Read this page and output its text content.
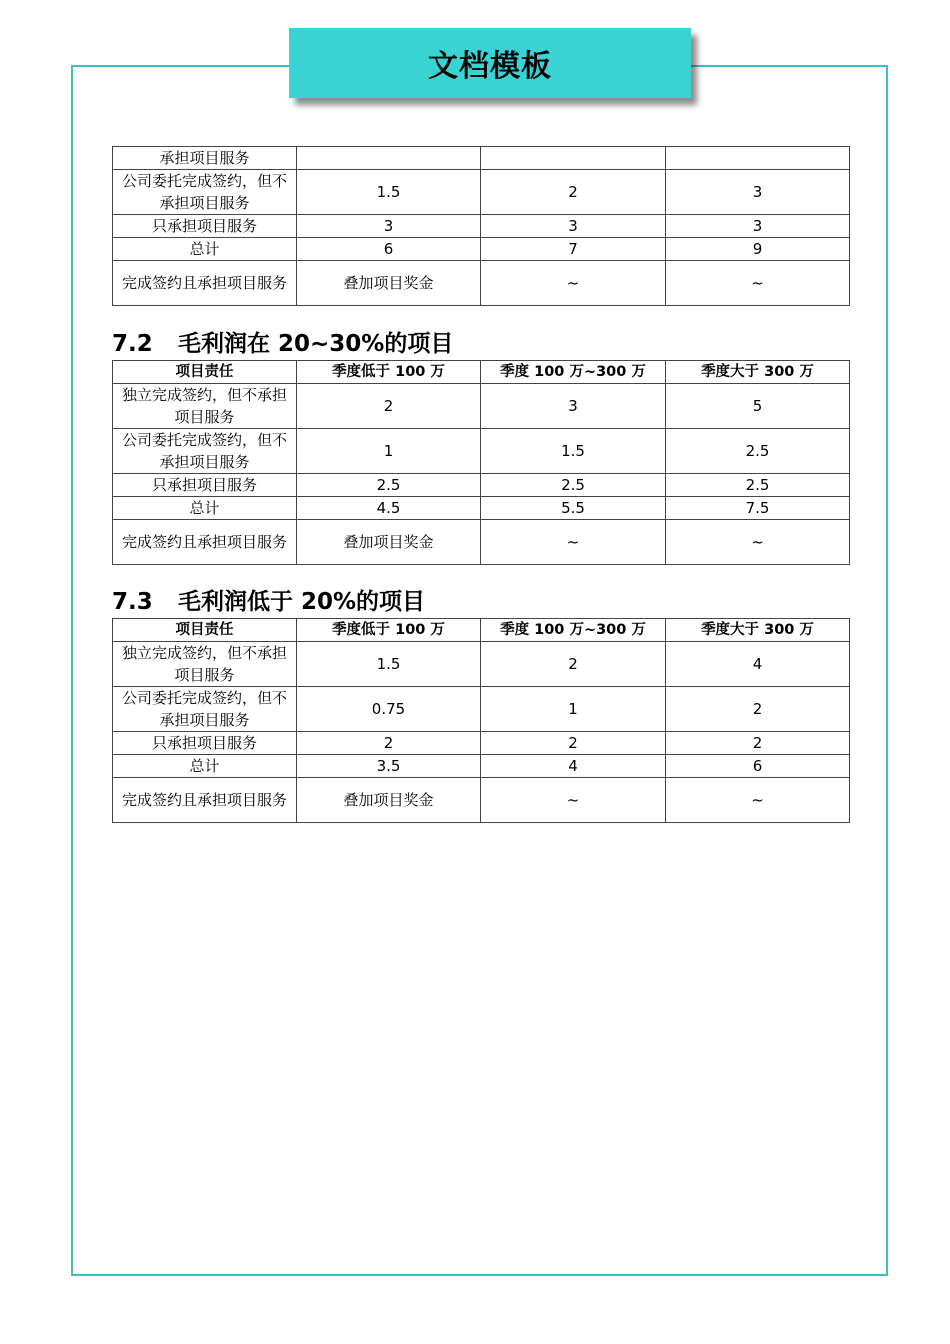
文档模板
承担项目服务			
公司委托完成签约，但不承担项目服务	1.5	2	3
只承担项目服务	3	3	3
总计	6	7	9
完成签约且承担项目服务	叠加项目奖金	~	~
7.2 毛利润在 20~30%的项目
项目责任	季度低于 100 万	季度 100 万~300 万	季度大于 300 万
独立完成签约，但不承担项目服务	2	3	5
公司委托完成签约，但不承担项目服务	1	1.5	2.5
只承担项目服务	2.5	2.5	2.5
总计	4.5	5.5	7.5
完成签约且承担项目服务	叠加项目奖金	~	~
7.3 毛利润低于 20%的项目
项目责任	季度低于 100 万	季度 100 万~300 万	季度大于 300 万
独立完成签约，但不承担项目服务	1.5	2	4
公司委托完成签约，但不承担项目服务	0.75	1	2
只承担项目服务	2	2	2
总计	3.5	4	6
完成签约且承担项目服务	叠加项目奖金	~	~
